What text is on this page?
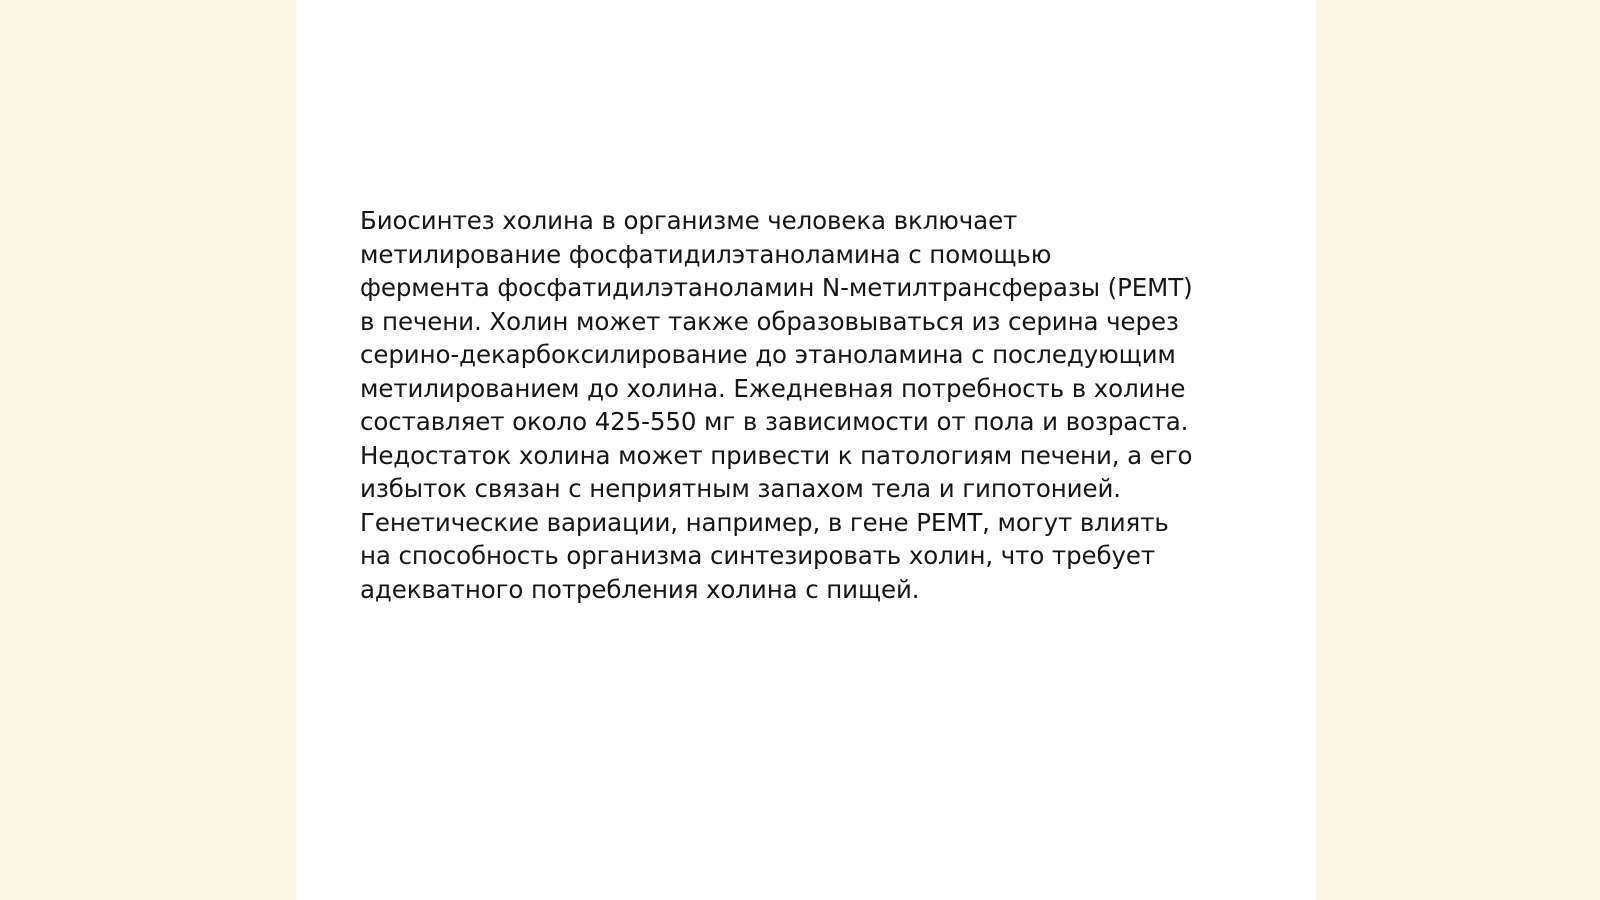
Биосинтез холина в организме человека включает
метилирование фосфатидилэтаноламина с помощью
фермента фосфатидилэтаноламин N-метилтрансферазы (PEMT)
в печени. Холин может также образовываться из серина через
серино-декарбоксилирование до этаноламина с последующим
метилированием до холина. Ежедневная потребность в холине
составляет около 425-550 мг в зависимости от пола и возраста.
Недостаток холина может привести к патологиям печени, а его
избыток связан с неприятным запахом тела и гипотонией.
Генетические вариации, например, в гене PEMT, могут влиять
на способность организма синтезировать холин, что требует
адекватного потребления холина с пищей.
